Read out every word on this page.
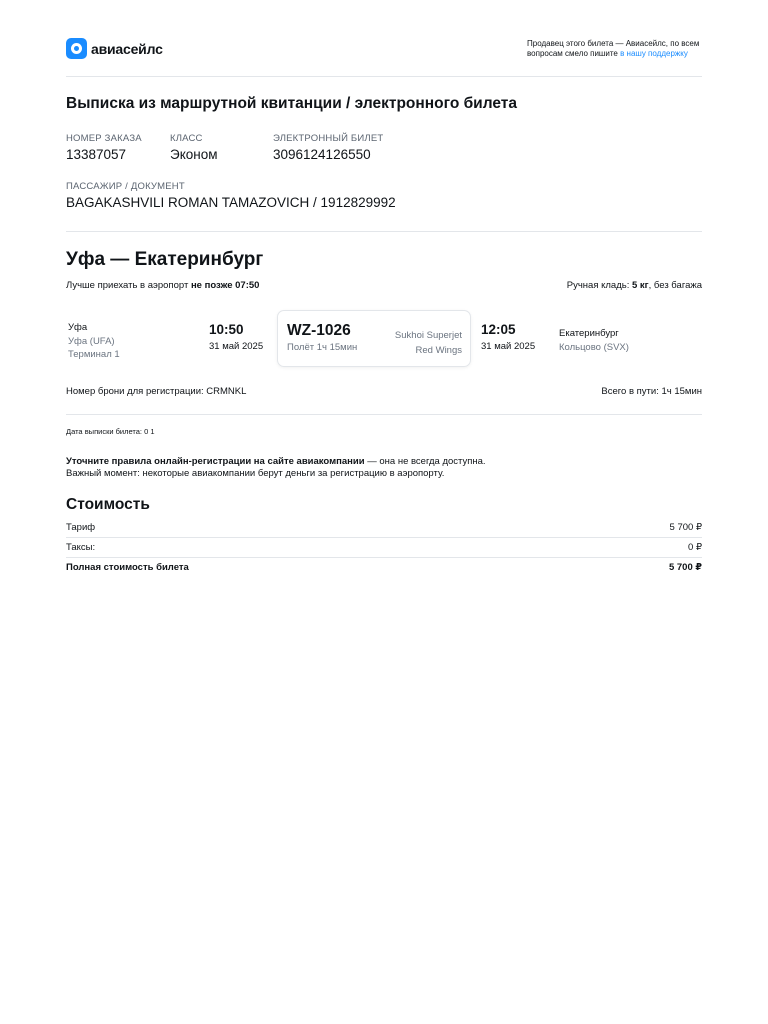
авиасейлс	Продавец этого билета — Авиасейлс, по всем вопросам смело пишите в нашу поддержку
Выписка из маршрутной квитанции / электронного билета
НОМЕР ЗАКАЗА
13387057
КЛАСС
Эконом
ЭЛЕКТРОННЫЙ БИЛЕТ
3096124126550
ПАССАЖИР / ДОКУМЕНТ
BAGAKASHVILI ROMAN TAMAZOVICH / 1912829992
Уфа — Екатеринбург
Лучше приехать в аэропорт не позже 07:50	Ручная кладь: 5 кг, без багажа
Уфа
Уфа (UFA)
Терминал 1
10:50
31 май 2025
WZ-1026
Полёт 1ч 15мин
Sukhoi Superjet
Red Wings
12:05
31 май 2025
Екатеринбург
Кольцово (SVX)
Номер брони для регистрации: CRMNKL	Всего в пути: 1ч 15мин
Дата выписки билета: 0 1
Уточните правила онлайн-регистрации на сайте авиакомпании — она не всегда доступна.
Важный момент: некоторые авиакомпании берут деньги за регистрацию в аэропорту.
Стоимость
Тариф	5 700 ₽
Таксы:	0 ₽
Полная стоимость билета	5 700 ₽
